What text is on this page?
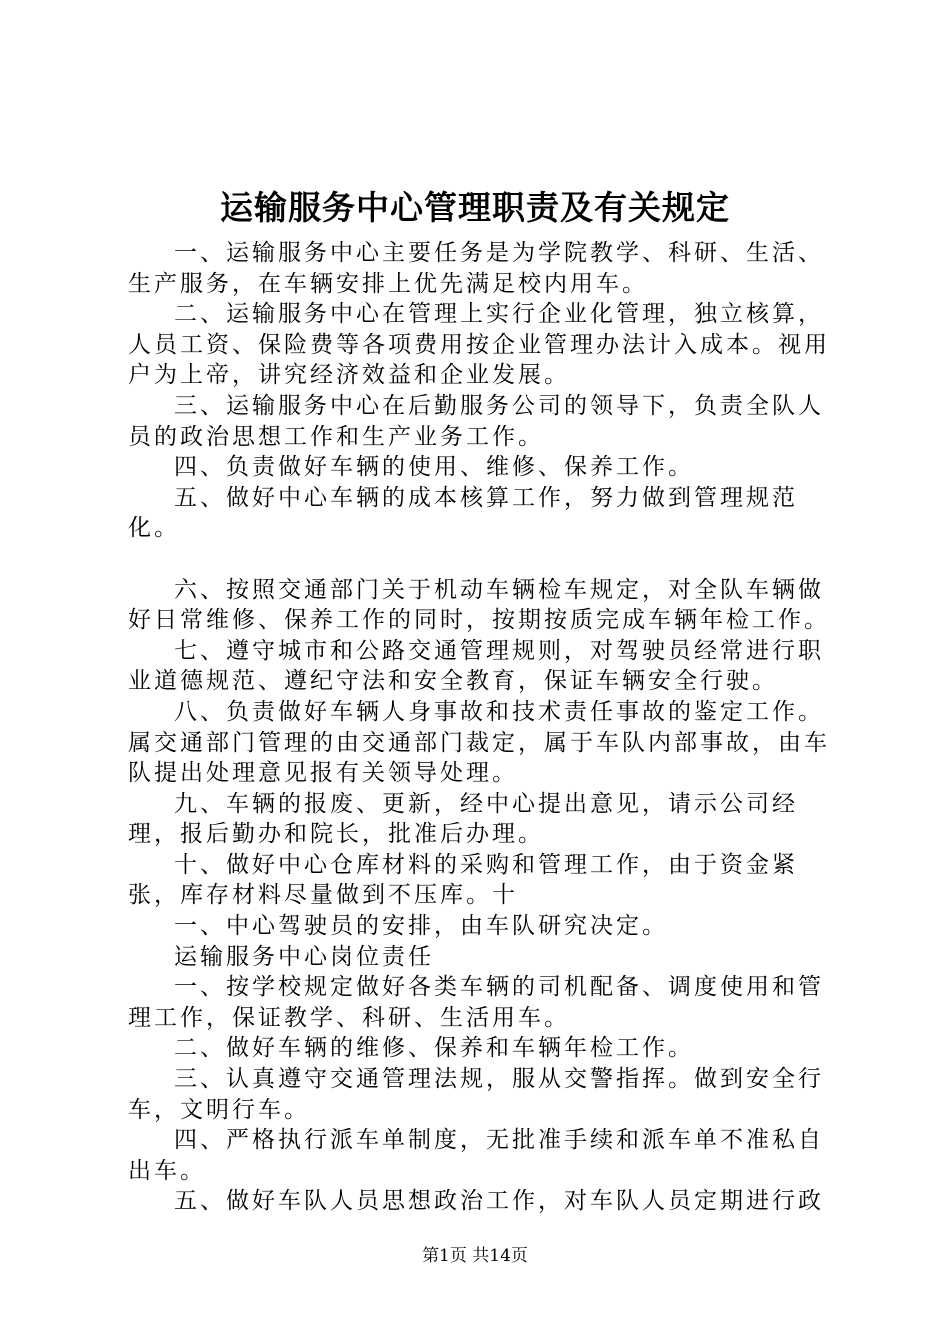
运输服务中心管理职责及有关规定

一、运输服务中心主要任务是为学院教学、科研、生活、生产服务，在车辆安排上优先满足校内用车。

二、运输服务中心在管理上实行企业化管理，独立核算，人员工资、保险费等各项费用按企业管理办法计入成本。视用户为上帝，讲究经济效益和企业发展。

三、运输服务中心在后勤服务公司的领导下，负责全队人员的政治思想工作和生产业务工作。

四、负责做好车辆的使用、维修、保养工作。

五、做好中心车辆的成本核算工作，努力做到管理规范化。

六、按照交通部门关于机动车辆检车规定，对全队车辆做好日常维修、保养工作的同时，按期按质完成车辆年检工作。

七、遵守城市和公路交通管理规则，对驾驶员经常进行职业道德规范、遵纪守法和安全教育，保证车辆安全行驶。

八、负责做好车辆人身事故和技术责任事故的鉴定工作。属交通部门管理的由交通部门裁定，属于车队内部事故，由车队提出处理意见报有关领导处理。

九、车辆的报废、更新，经中心提出意见，请示公司经理，报后勤办和院长，批准后办理。

十、做好中心仓库材料的采购和管理工作，由于资金紧张，库存材料尽量做到不压库。十

一、中心驾驶员的安排，由车队研究决定。

运输服务中心岗位责任

一、按学校规定做好各类车辆的司机配备、调度使用和管理工作，保证教学、科研、生活用车。

二、做好车辆的维修、保养和车辆年检工作。

三、认真遵守交通管理法规，服从交警指挥。做到安全行车，文明行车。

四、严格执行派车单制度，无批准手续和派车单不准私自出车。

五、做好车队人员思想政治工作，对车队人员定期进行政

第1页 共14页
